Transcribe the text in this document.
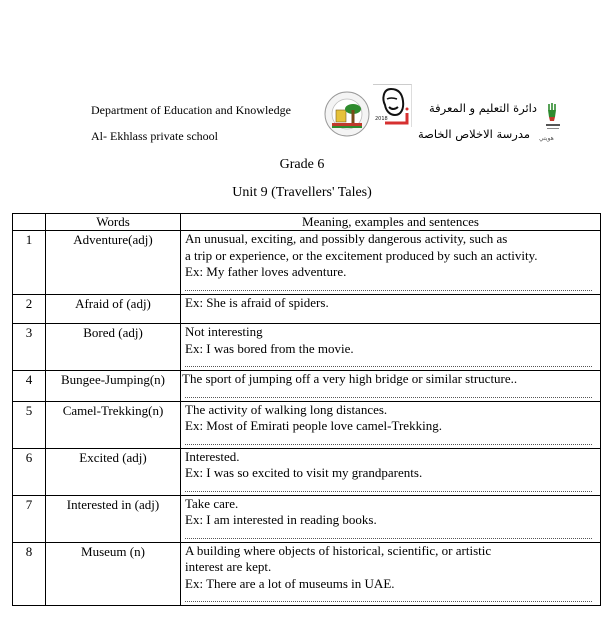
Department of Education and Knowledge
Al- Ekhlass private school
2018
دائرة التعليم و المعرفة
مدرسة الاخلاص الخاصة هويتي
Grade 6
Unit 9 (Travellers' Tales)
	Words	Meaning, examples and sentences

1	Adventure(adj)	An unusual, exciting, and possibly dangerous activity, such as
a trip or experience, or the excitement produced by such an activity.
Ex: My father loves adventure.

2	Afraid of (adj)	Ex: She is afraid of spiders.

3	Bored (adj)	Not interesting
Ex: I was bored from the movie.

4	Bungee-Jumping(n)	The sport of jumping off a very high bridge or similar structure..

5	Camel-Trekking(n)	The activity of walking long distances.
Ex: Most of Emirati people love camel-Trekking.

6	Excited (adj)	Interested.
Ex: I was so excited to visit my grandparents.

7	Interested in (adj)	Take care.
Ex: I am interested in reading books.

8	Museum (n)	A building where objects of historical, scientific, or artistic
interest are kept.
Ex: There are a lot of museums in UAE.
